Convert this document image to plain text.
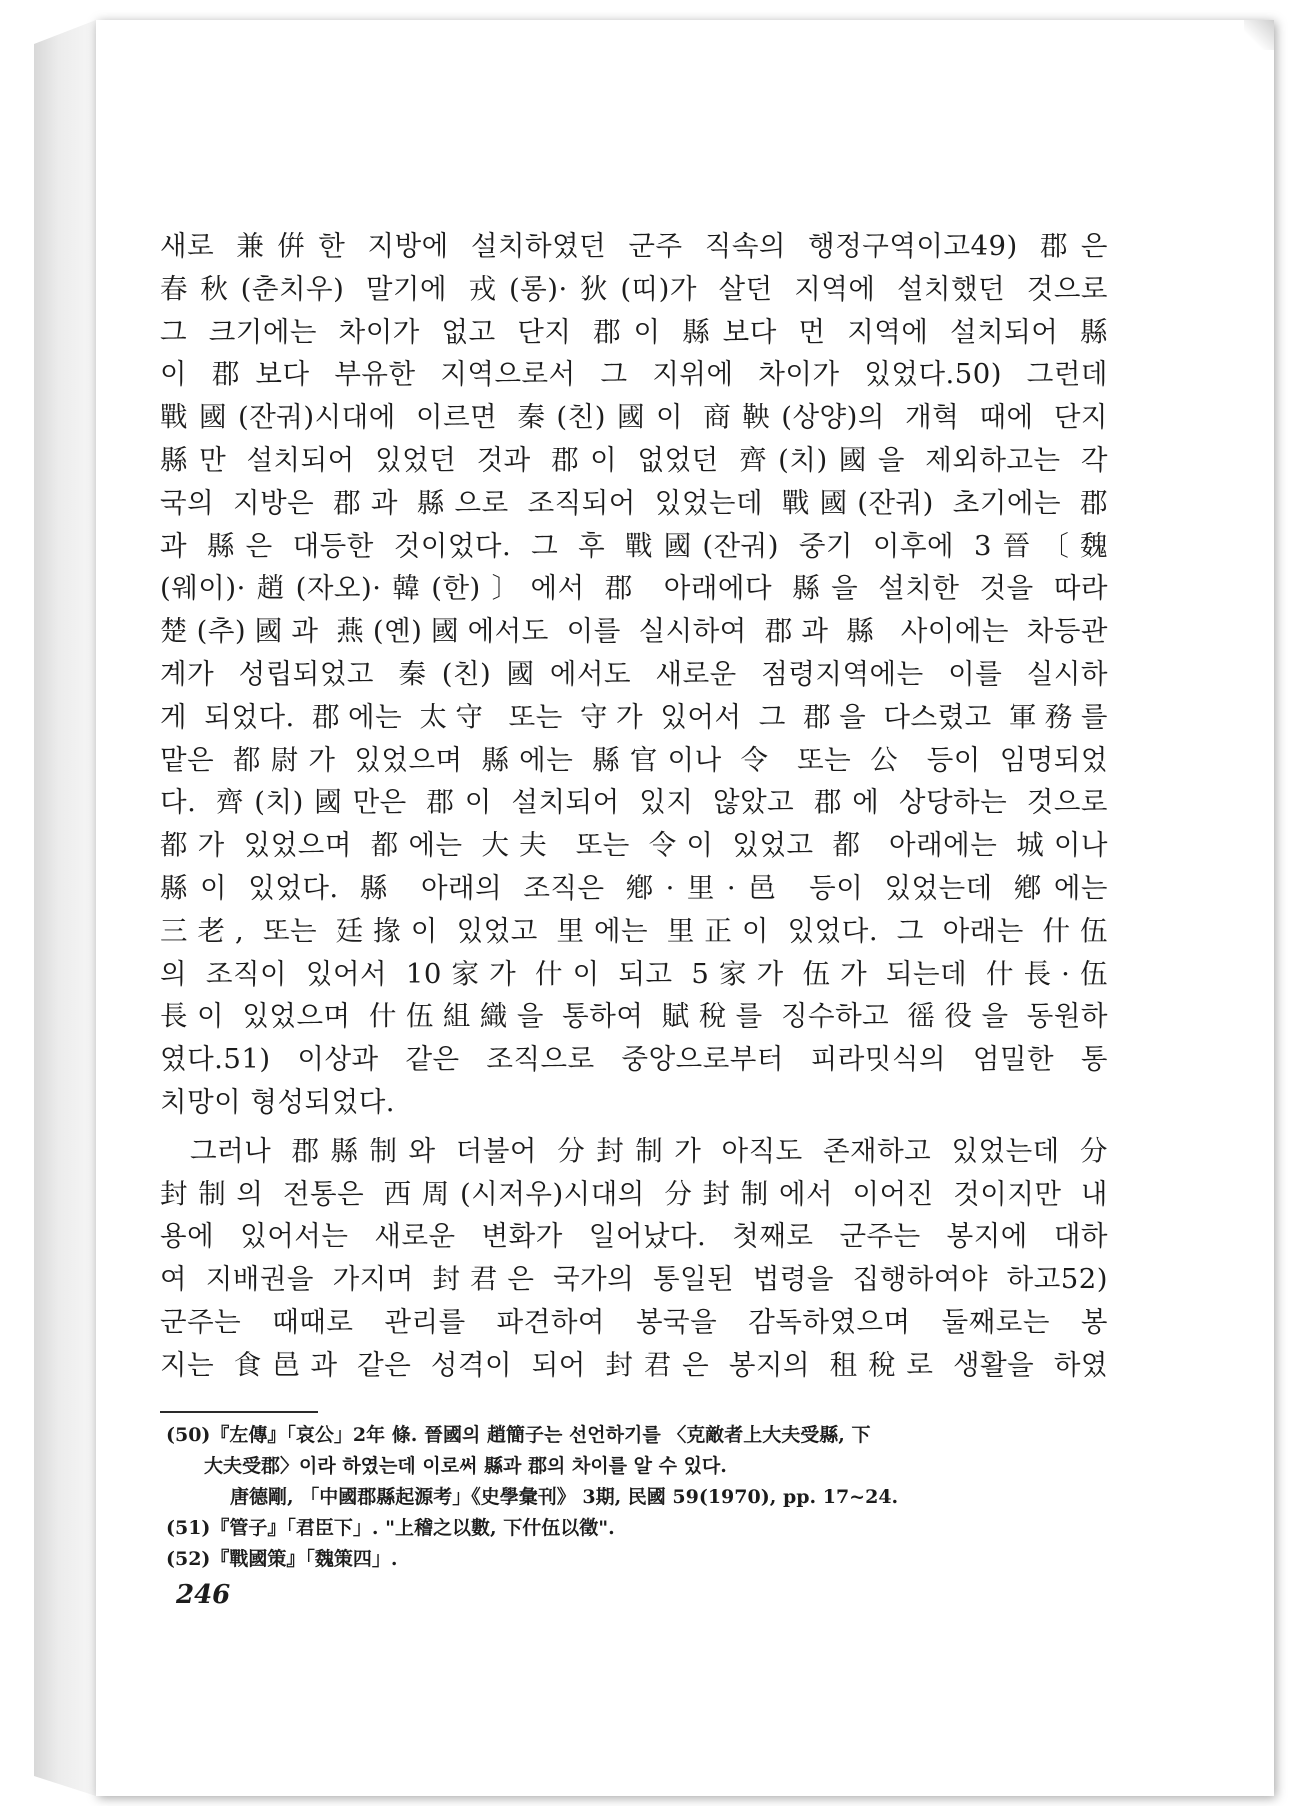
새로 兼倂한 지방에 설치하였던 군주 직속의 행정구역이고49) 郡은
春秋(춘치우) 말기에 戎(롱)·狄(띠)가 살던 지역에 설치했던 것으로
그 크기에는 차이가 없고 단지 郡이 縣보다 먼 지역에 설치되어 縣
이 郡보다 부유한 지역으로서 그 지위에 차이가 있었다.50) 그런데
戰國(잔궈)시대에 이르면 秦(친)國이 商鞅(상양)의 개혁 때에 단지
縣만 설치되어 있었던 것과 郡이 없었던 齊(치)國을 제외하고는 각
국의 지방은 郡과 縣으로 조직되어 있었는데 戰國(잔궈) 초기에는 郡
과 縣은 대등한 것이었다. 그 후 戰國(잔궈) 중기 이후에 3晉〔魏
(웨이)·趙(자오)·韓(한)〕에서 郡 아래에다 縣을 설치한 것을 따라
楚(추)國과 燕(옌)國에서도 이를 실시하여 郡과 縣 사이에는 차등관
계가 성립되었고 秦(친)國에서도 새로운 점령지역에는 이를 실시하
게 되었다. 郡에는 太守 또는 守가 있어서 그 郡을 다스렸고 軍務를
맡은 都尉가 있었으며 縣에는 縣官이나 令 또는 公 등이 임명되었
다. 齊(치)國만은 郡이 설치되어 있지 않았고 郡에 상당하는 것으로
都가 있었으며 都에는 大夫 또는 令이 있었고 都 아래에는 城이나
縣이 있었다. 縣 아래의 조직은 鄕·里·邑 등이 있었는데 鄕에는
三老, 또는 廷掾이 있었고 里에는 里正이 있었다. 그 아래는 什伍
의 조직이 있어서 10家가 什이 되고 5家가 伍가 되는데 什長·伍
長이 있었으며 什伍組織을 통하여 賦稅를 징수하고 徭役을 동원하
였다.51) 이상과 같은 조직으로 중앙으로부터 피라밋식의 엄밀한 통
치망이 형성되었다.
그러나 郡縣制와 더불어 分封制가 아직도 존재하고 있었는데 分
封制의 전통은 西周(시저우)시대의 分封制에서 이어진 것이지만 내
용에 있어서는 새로운 변화가 일어났다. 첫째로 군주는 봉지에 대하
여 지배권을 가지며 封君은 국가의 통일된 법령을 집행하여야 하고52)
군주는 때때로 관리를 파견하여 봉국을 감독하였으며 둘째로는 봉
지는 食邑과 같은 성격이 되어 封君은 봉지의 租稅로 생활을 하였
(50)『左傳』「哀公」2年 條. 晉國의 趙簡子는 선언하기를 〈克敵者上大夫受縣, 下
大夫受郡〉이라 하였는데 이로써 縣과 郡의 차이를 알 수 있다.
唐德剛, 「中國郡縣起源考」《史學彙刊》 3期, 民國 59(1970), pp. 17~24.
(51)『管子』「君臣下」. "上稽之以數, 下什伍以徵".
(52)『戰國策』「魏策四」.
246
